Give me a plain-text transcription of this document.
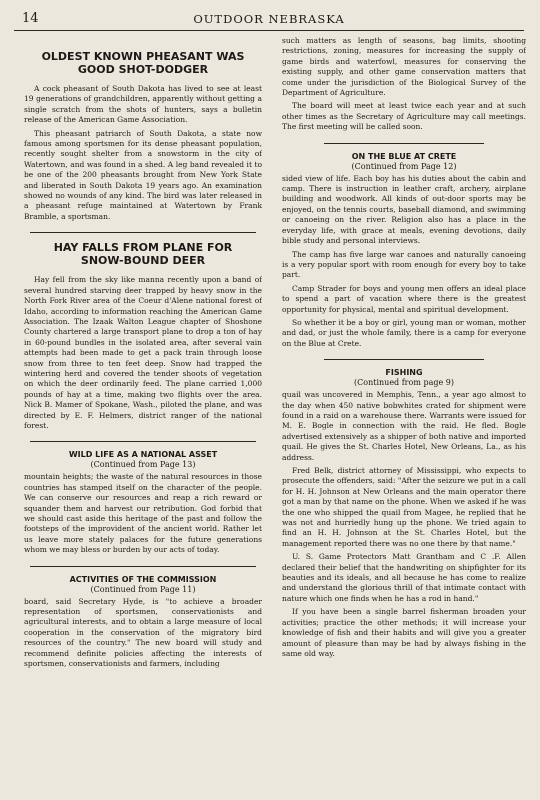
14	OUTDOOR NEBRASKA
OLDEST KNOWN PHEASANT WAS
GOOD SHOT-DODGER

A cock pheasant of South Dakota has lived to see at least 19 generations of grandchildren, apparently without getting a single scratch from the shots of hunters, says a bulletin release of the American Game Association.

This pheasant patriarch of South Dakota, a state now famous among sportsmen for its dense pheasant population, recently sought shelter from a snowstorm in the city of Watertown, and was found in a shed. A leg band revealed it to be one of the 200 pheasants brought from New York State and liberated in South Dakota 19 years ago. An examination showed no wounds of any kind. The bird was later released in a pheasant refuge maintained at Watertown by Frank Bramble, a sportsman.

HAY FALLS FROM PLANE FOR
SNOW-BOUND DEER

Hay fell from the sky like manna recently upon a band of several hundred starving deer trapped by heavy snow in the North Fork River area of the Coeur d'Alene national forest of Idaho, according to information reaching the American Game Association. The Izaak Walton League chapter of Shoshone County chartered a large transport plane to drop a ton of hay in 60-pound bundles in the isolated area, after several vain attempts had been made to get a pack train through loose snow from three to ten feet deep. Snow had trapped the wintering herd and covered the tender shoots of vegetation on which the deer ordinarily feed. The plane carried 1,000 pounds of hay at a time, making two flights over the area. Nick B. Mamer of Spokane, Wash., piloted the plane, and was directed by E. F. Helmers, district ranger of the national forest.

WILD LIFE AS A NATIONAL ASSET
(Continued from Page 13)

mountain heights; the waste of the natural resources in those countries has stamped itself on the character of the people. We can conserve our resources and reap a rich reward or squander them and harvest our retribution. God forbid that we should cast aside this heritage of the past and follow the footsteps of the improvident of the ancient world. Rather let us leave more stately palaces for the future generations whom we may bless or burden by our acts of today.

ACTIVITIES OF THE COMMISSION
(Continued from Page 11)

board, said Secretary Hyde, is "to achieve a broader representation of sportsmen, conservationists and agricultural interests, and to obtain a large measure of local cooperation in the conservation of the migratory bird resources of the country." The new board will study and recommend definite policies affecting the interests of sportsmen, conservationists and farmers, including

such matters as length of seasons, bag limits, shooting restrictions, zoning, measures for increasing the supply of game birds and waterfowl, measures for conserving the existing supply, and other game conservation matters that come under the jurisdiction of the Biological Survey of the Department of Agriculture.

The board will meet at least twice each year and at such other times as the Secretary of Agriculture may call meetings. The first meeting will be called soon.

ON THE BLUE AT CRETE
(Continued from Page 12)

sided view of life. Each boy has his duties about the cabin and camp. There is instruction in leather craft, archery, airplane building and woodwork. All kinds of out-door sports may be enjoyed, on the tennis courts, baseball diamond, and swimming or canoeing on the river. Religion also has a place in the everyday life, with grace at meals, evening devotions, daily bible study and personal interviews.

The camp has five large war canoes and naturally canoeing is a very popular sport with room enough for every boy to take part.

Camp Strader for boys and young men offers an ideal place to spend a part of vacation where there is the greatest opportunity for physical, mental and spiritual development.

So whether it be a boy or girl, young man or woman, mother and dad, or just the whole family, there is a camp for everyone on the Blue at Crete.

FISHING
(Continued from page 9)

quail was uncovered in Memphis, Tenn., a year ago almost to the day when 450 native bobwhites crated for shipment were found in a raid on a warehouse there. Warrants were issued for M. E. Bogle in connection with the raid. He fled. Bogle advertised extensively as a shipper of both native and imported quail. He gives the St. Charles Hotel, New Orleans, La., as his address.

Fred Belk, district attorney of Mississippi, who expects to prosecute the offenders, said: "After the seizure we put in a call for H. H. Johnson at New Orleans and the main operator there got a man by that name on the phone. When we asked if he was the one who shipped the quail from Magee, he replied that he was not and hurriedly hung up the phone. We tried again to find an H. H. Johnson at the St. Charles Hotel, but the management reported there was no one there by that name."

U. S. Game Protectors Matt Grantham and C .F. Allen declared their belief that the handwriting on shipfighter for its beauties and its ideals, and all because he has come to realize and understand the glorious thrill of that intimate contact with nature which one finds when he has a rod in hand."

If you have been a single barrel fisherman broaden your activities; practice the other methods; it will increase your knowledge of fish and their habits and will give you a greater amount of pleasure than may be had by always fishing in the same old way.
